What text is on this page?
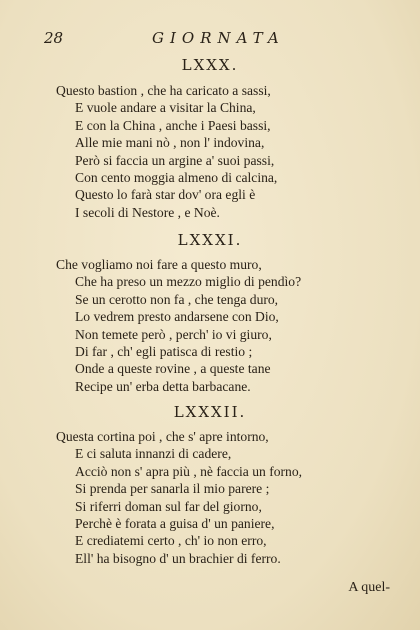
28	GIORNATA
LXXX.
Questo bastion , che ha caricato a sassi,
E vuole andare a visitar la China,
E con la China , anche i Paesi bassi,
Alle mie mani nò , non l' indovina,
Però si faccia un argine a' suoi passi,
Con cento moggia almeno di calcina,
Questo lo farà star dov' ora egli è
I secoli di Nestore , e Noè.
LXXXI.
Che vogliamo noi fare a questo muro,
Che ha preso un mezzo miglio di pendìo?
Se un cerotto non fa , che tenga duro,
Lo vedrem presto andarsene con Dio,
Non temete però , perch' io vi giuro,
Di far , ch' egli patisca di restio ;
Onde a queste rovine , a queste tane
Recipe un' erba detta barbacane.
LXXXII.
Questa cortina poi , che s' apre intorno,
E ci saluta innanzi di cadere,
Acciò non s' apra più , nè faccia un forno,
Si prenda per sanarla il mio parere ;
Si riferri doman sul far del giorno,
Perchè è forata a guisa d' un paniere,
E crediatemi certo , ch' io non erro,
Ell' ha bisogno d' un brachier di ferro.
A quel-
